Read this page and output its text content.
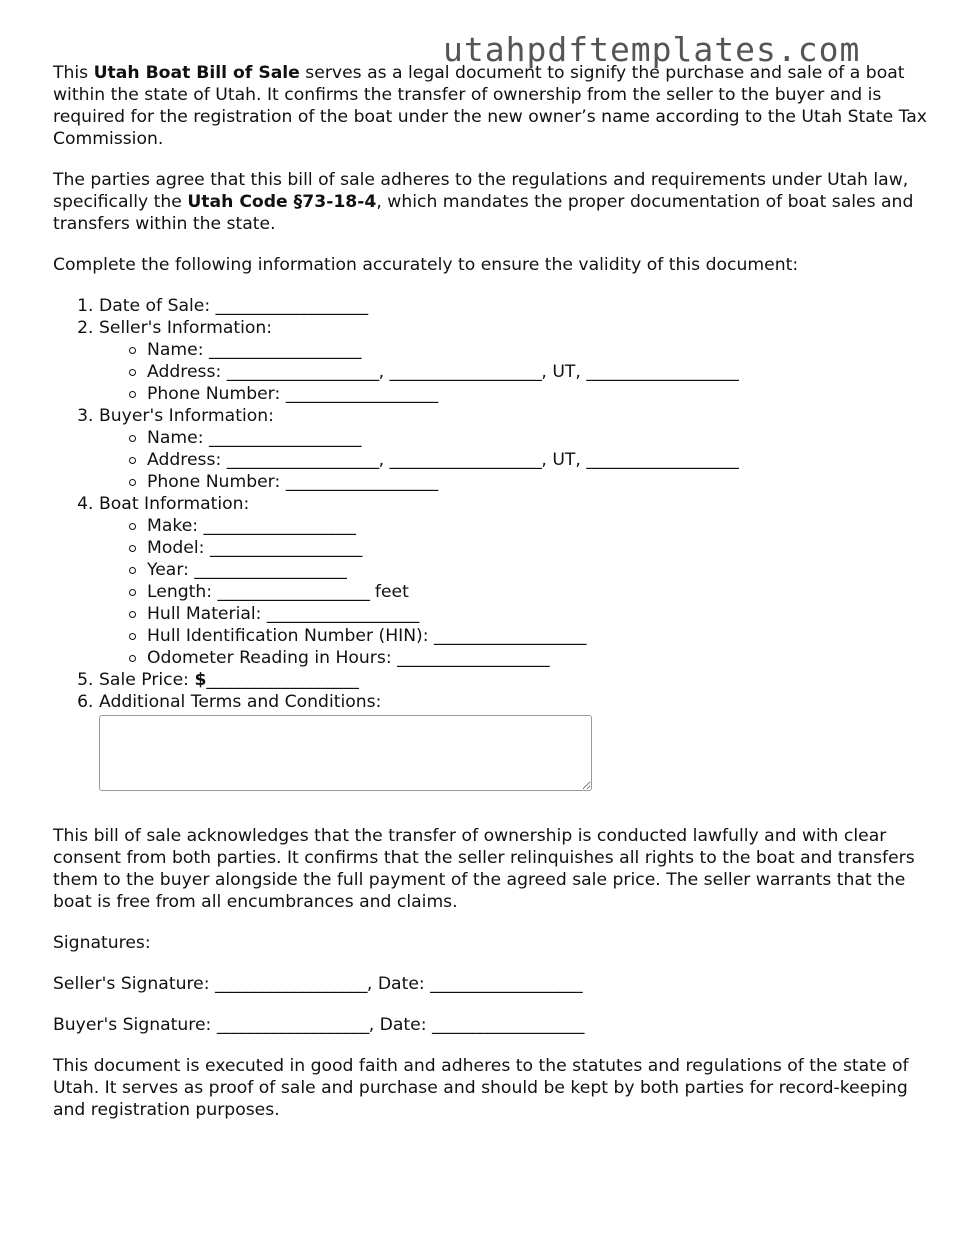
utahpdftemplates.com

This Utah Boat Bill of Sale serves as a legal document to signify the purchase and sale of a boat within the state of Utah. It confirms the transfer of ownership from the seller to the buyer and is required for the registration of the boat under the new owner’s name according to the Utah State Tax Commission.

The parties agree that this bill of sale adheres to the regulations and requirements under Utah law, specifically the Utah Code §73-18-4, which mandates the proper documentation of boat sales and transfers within the state.

Complete the following information accurately to ensure the validity of this document:

1. Date of Sale: ___________________
2. Seller's Information:
Name: ___________________
Address: ___________________, ___________________, UT, ___________________
Phone Number: ___________________
3. Buyer's Information:
Name: ___________________
Address: ___________________, ___________________, UT, ___________________
Phone Number: ___________________
4. Boat Information:
Make: ___________________
Model: ___________________
Year: ___________________
Length: ___________________ feet
Hull Material: ___________________
Hull Identification Number (HIN): ___________________
Odometer Reading in Hours: ___________________
5. Sale Price: $___________________
6. Additional Terms and Conditions:

This bill of sale acknowledges that the transfer of ownership is conducted lawfully and with clear consent from both parties. It confirms that the seller relinquishes all rights to the boat and transfers them to the buyer alongside the full payment of the agreed sale price. The seller warrants that the boat is free from all encumbrances and claims.

Signatures:

Seller's Signature: ___________________, Date: ___________________
Buyer's Signature: ___________________, Date: ___________________

This document is executed in good faith and adheres to the statutes and regulations of the state of Utah. It serves as proof of sale and purchase and should be kept by both parties for record-keeping and registration purposes.
